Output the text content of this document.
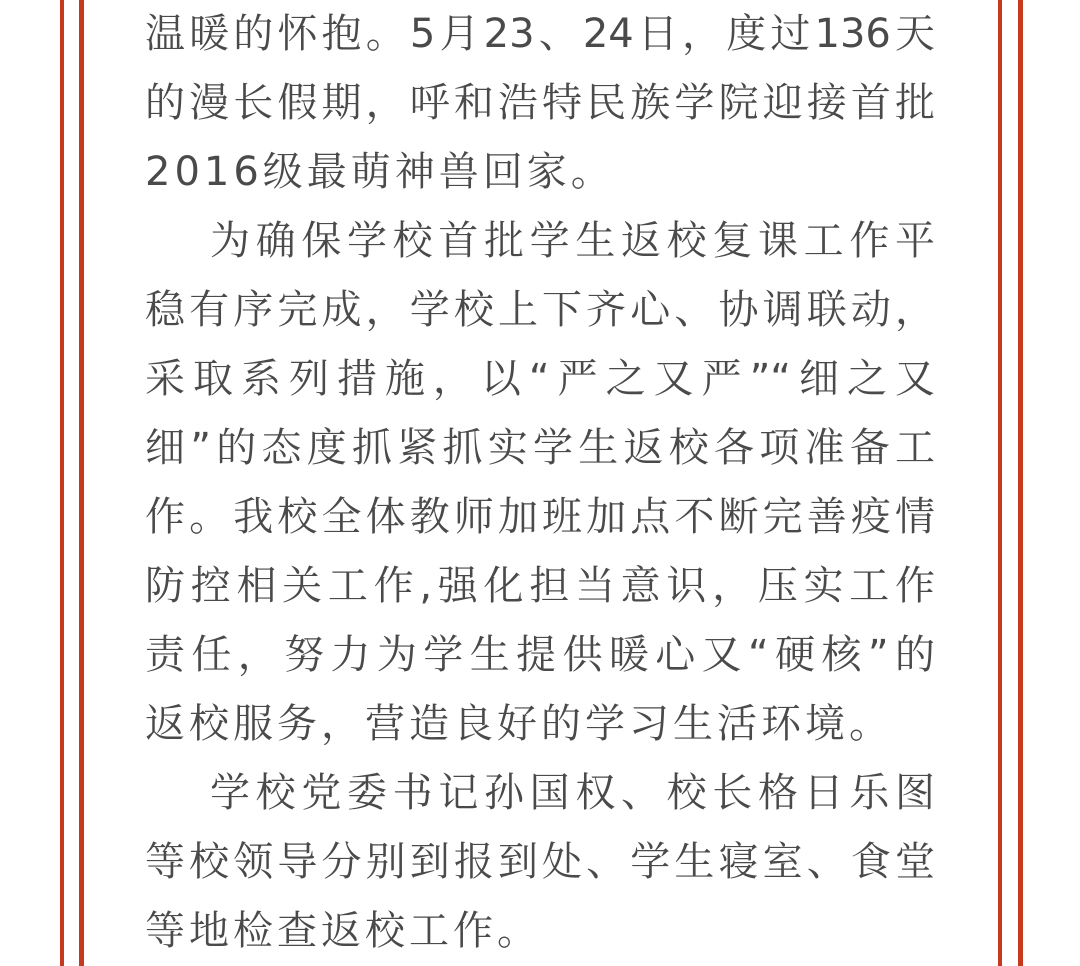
温暖的怀抱。5月23、24日，度过136天
的漫长假期，呼和浩特民族学院迎接首批
2016级最萌神兽回家。
为确保学校首批学生返校复课工作平
稳有序完成，学校上下齐心、协调联动，
采取系列措施，以“严之又严”“细之又
细”的态度抓紧抓实学生返校各项准备工
作。我校全体教师加班加点不断完善疫情
防控相关工作,强化担当意识，压实工作
责任，努力为学生提供暖心又“硬核”的
返校服务，营造良好的学习生活环境。
学校党委书记孙国权、校长格日乐图
等校领导分别到报到处、学生寝室、食堂
等地检查返校工作。
